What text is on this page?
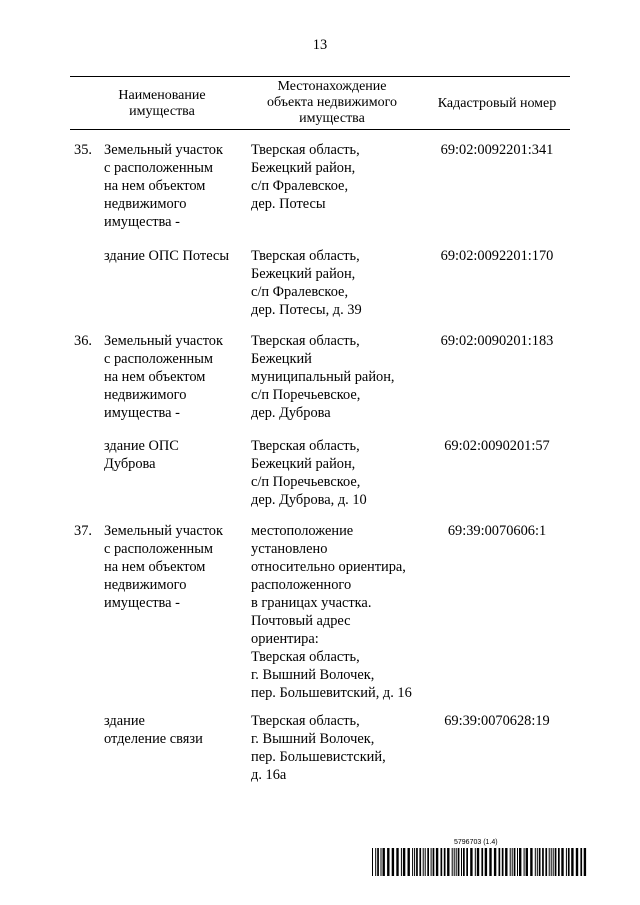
13
Наименование
имущества
Местонахождение
объекта недвижимого
имущества
Кадастровый номер
35. Земельный участок
с расположенным
на нем объектом
недвижимого
имущества -
Тверская область,
Бежецкий район,
с/п Фралевское,
дер. Потесы
69:02:0092201:341
здание ОПС Потесы Тверская область,
Бежецкий район,
с/п Фралевское,
дер. Потесы, д. 39
69:02:0092201:170
36. Земельный участок
с расположенным
на нем объектом
недвижимого
имущества -
Тверская область,
Бежецкий
муниципальный район,
с/п Поречьевское,
дер. Дуброва
69:02:0090201:183
здание ОПС
Дуброва
Тверская область,
Бежецкий район,
с/п Поречьевское,
дер. Дуброва, д. 10
69:02:0090201:57
37. Земельный участок
с расположенным
на нем объектом
недвижимого
имущества -
местоположение
установлено
относительно ориентира,
расположенного
в границах участка.
Почтовый адрес
ориентира:
Тверская область,
г. Вышний Волочек,
пер. Большевитский, д. 16
69:39:0070606:1
здание
отделение связи
Тверская область,
г. Вышний Волочек,
пер. Большевистский,
д. 16а
69:39:0070628:19
5796703 (1.4)
